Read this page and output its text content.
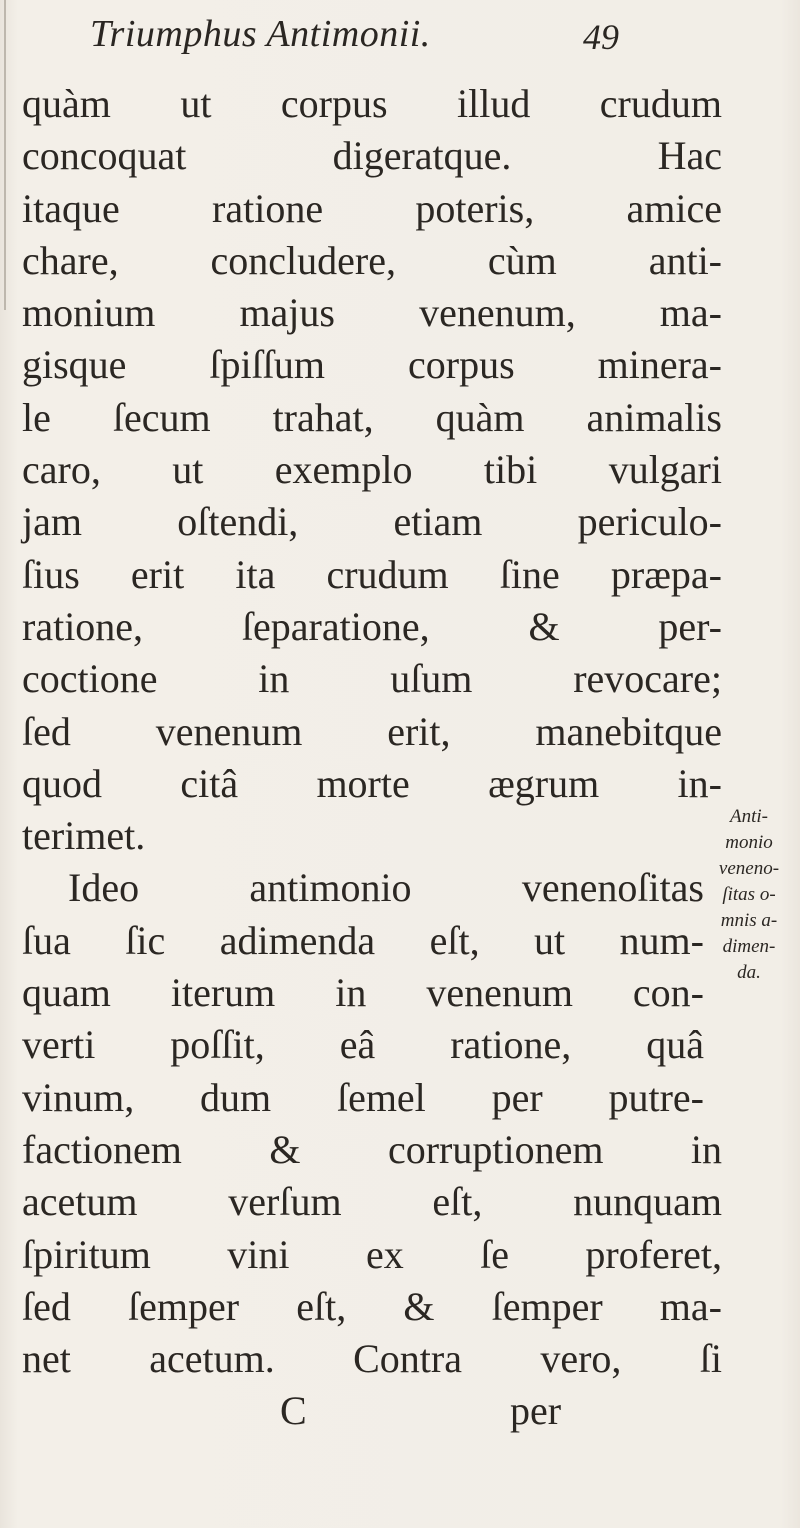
Triumphus Antimonii.	49
quàm ut corpus illud crudum
concoquat digeratque. Hac
itaque ratione poteris, amice
chare, concludere, cùm anti-
monium majus venenum, ma-
gisque ſpiſſum corpus minera-
le ſecum trahat, quàm animalis
caro, ut exemplo tibi vulgari
jam oſtendi, etiam periculo-
ſius erit ita crudum ſine præpa-
ratione, ſeparatione, & per-
coctione in uſum revocare;
ſed venenum erit, manebitque
quod citâ morte ægrum in-
terimet.
Ideo antimonio venenoſitas
ſua ſic adimenda eſt, ut num-
quam iterum in venenum con-
verti poſſit, eâ ratione, quâ
vinum, dum ſemel per putre-
factionem & corruptionem in
acetum verſum eſt, nunquam
ſpiritum vini ex ſe proferet,
ſed ſemper eſt, & ſemper ma-
net acetum. Contra vero, ſi
C	per
Anti-
monio
veneno-
ſitas o-
mnis a-
dimen-
da.
